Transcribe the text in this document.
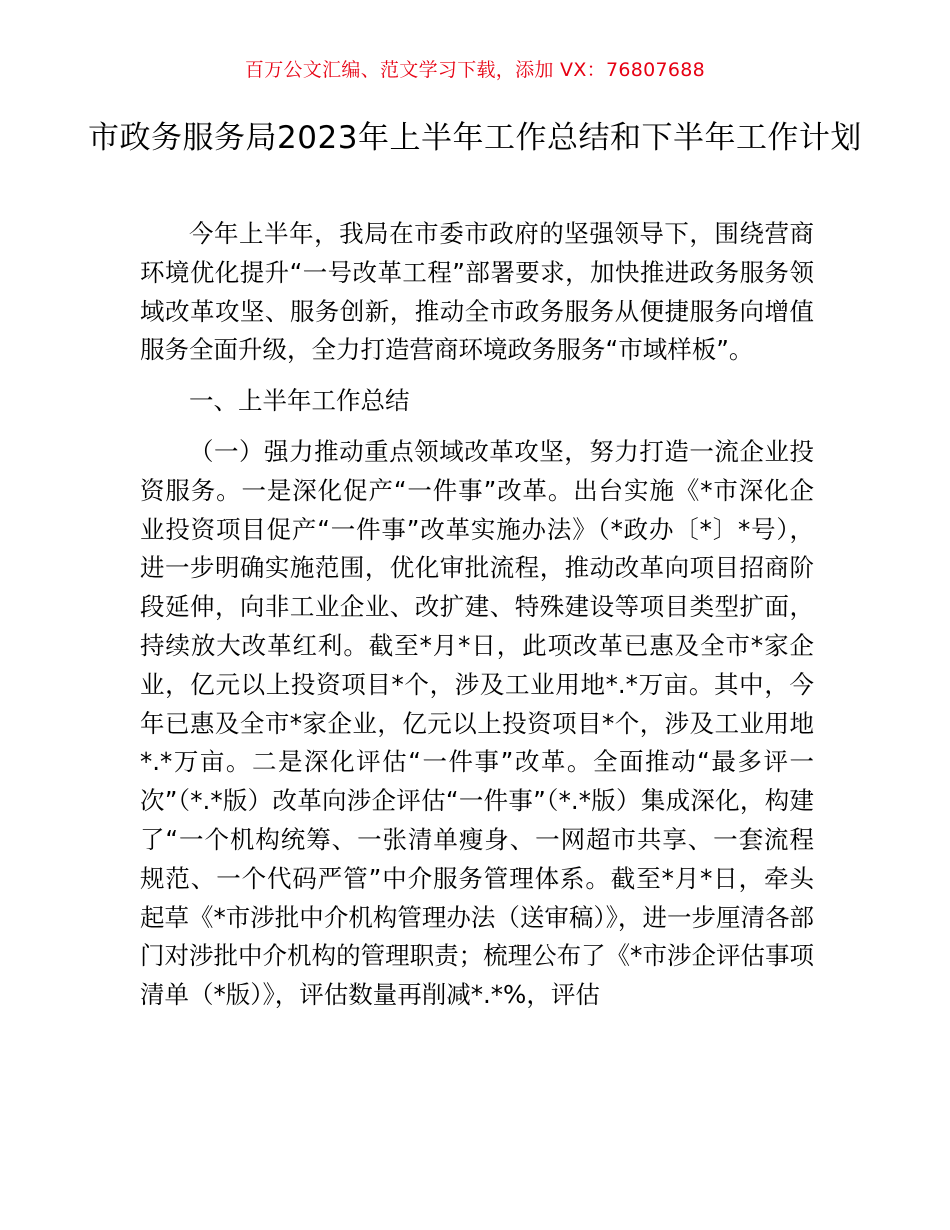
百万公文汇编、范文学习下载，添加 VX：76807688
市政务服务局2023年上半年工作总结和下半年工作计划

今年上半年，我局在市委市政府的坚强领导下，围绕营商环境优化提升“一号改革工程”部署要求，加快推进政务服务领域改革攻坚、服务创新，推动全市政务服务从便捷服务向增值服务全面升级，全力打造营商环境政务服务“市域样板”。

一、上半年工作总结

（一）强力推动重点领域改革攻坚，努力打造一流企业投资服务。一是深化促产“一件事”改革。出台实施《*市深化企业投资项目促产“一件事”改革实施办法》（*政办〔*〕*号），进一步明确实施范围，优化审批流程，推动改革向项目招商阶段延伸，向非工业企业、改扩建、特殊建设等项目类型扩面，持续放大改革红利。截至*月*日，此项改革已惠及全市*家企业，亿元以上投资项目*个，涉及工业用地*.*万亩。其中，今年已惠及全市*家企业，亿元以上投资项目*个，涉及工业用地*.*万亩。二是深化评估“一件事”改革。全面推动“最多评一次”（*.*版）改革向涉企评估“一件事”（*.*版）集成深化，构建了“一个机构统筹、一张清单瘦身、一网超市共享、一套流程规范、一个代码严管”中介服务管理体系。截至*月*日，牵头起草《*市涉批中介机构管理办法（送审稿）》，进一步厘清各部门对涉批中介机构的管理职责；梳理公布了《*市涉企评估事项清单（*版）》，评估数量再削减*.*%，评估
